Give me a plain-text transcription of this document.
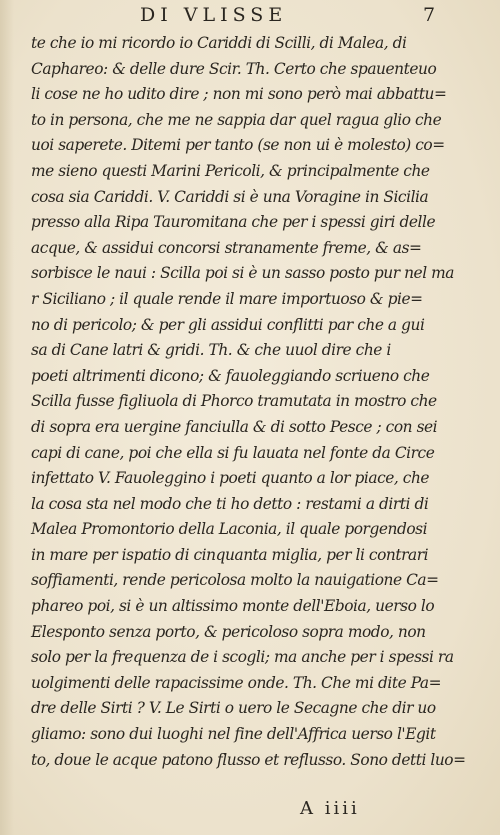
DI VLISSE	7
te che io mi ricordo io Cariddi di Scilli, di Malea, di
Caphareo: & delle dure Scir. Th. Certo che spauenteuo
li cose ne ho udito dire ; non mi sono però mai abbattu=
to in persona, che me ne sappia dar quel ragua glio che
uoi saperete. Ditemi per tanto (se non ui è molesto) co=
me sieno questi Marini Pericoli, & principalmente che
cosa sia Cariddi. V. Cariddi si è una Voragine in Sicilia
presso alla Ripa Tauromitana che per i spessi giri delle
acque, & assidui concorsi stranamente freme, & as=
sorbisce le naui : Scilla poi si è un sasso posto pur nel ma
r Siciliano ; il quale rende il mare importuoso & pie=
no di pericolo; & per gli assidui conflitti par che a gui
sa di Cane latri & gridi. Th. & che uuol dire che i
poeti altrimenti dicono; & fauoleggiando scriueno che
Scilla fusse figliuola di Phorco tramutata in mostro che
di sopra era uergine fanciulla & di sotto Pesce ; con sei
capi di cane, poi che ella si fu lauata nel fonte da Circe
infettato V. Fauoleggino i poeti quanto a lor piace, che
la cosa sta nel modo che ti ho detto : restami a dirti di
Malea Promontorio della Laconia, il quale porgendosi
in mare per ispatio di cinquanta miglia, per li contrari
soffiamenti, rende pericolosa molto la nauigatione Ca=
phareo poi, si è un altissimo monte dell'Eboia, uerso lo
Elesponto senza porto, & pericoloso sopra modo, non
solo per la frequenza de i scogli; ma anche per i spessi ra
uolgimenti delle rapacissime onde. Th. Che mi dite Pa=
dre delle Sirti ? V. Le Sirti o uero le Secagne che dir uo
gliamo: sono dui luoghi nel fine dell'Affrica uerso l'Egit
to, doue le acque patono flusso et reflusso. Sono detti luo=
A iiii
